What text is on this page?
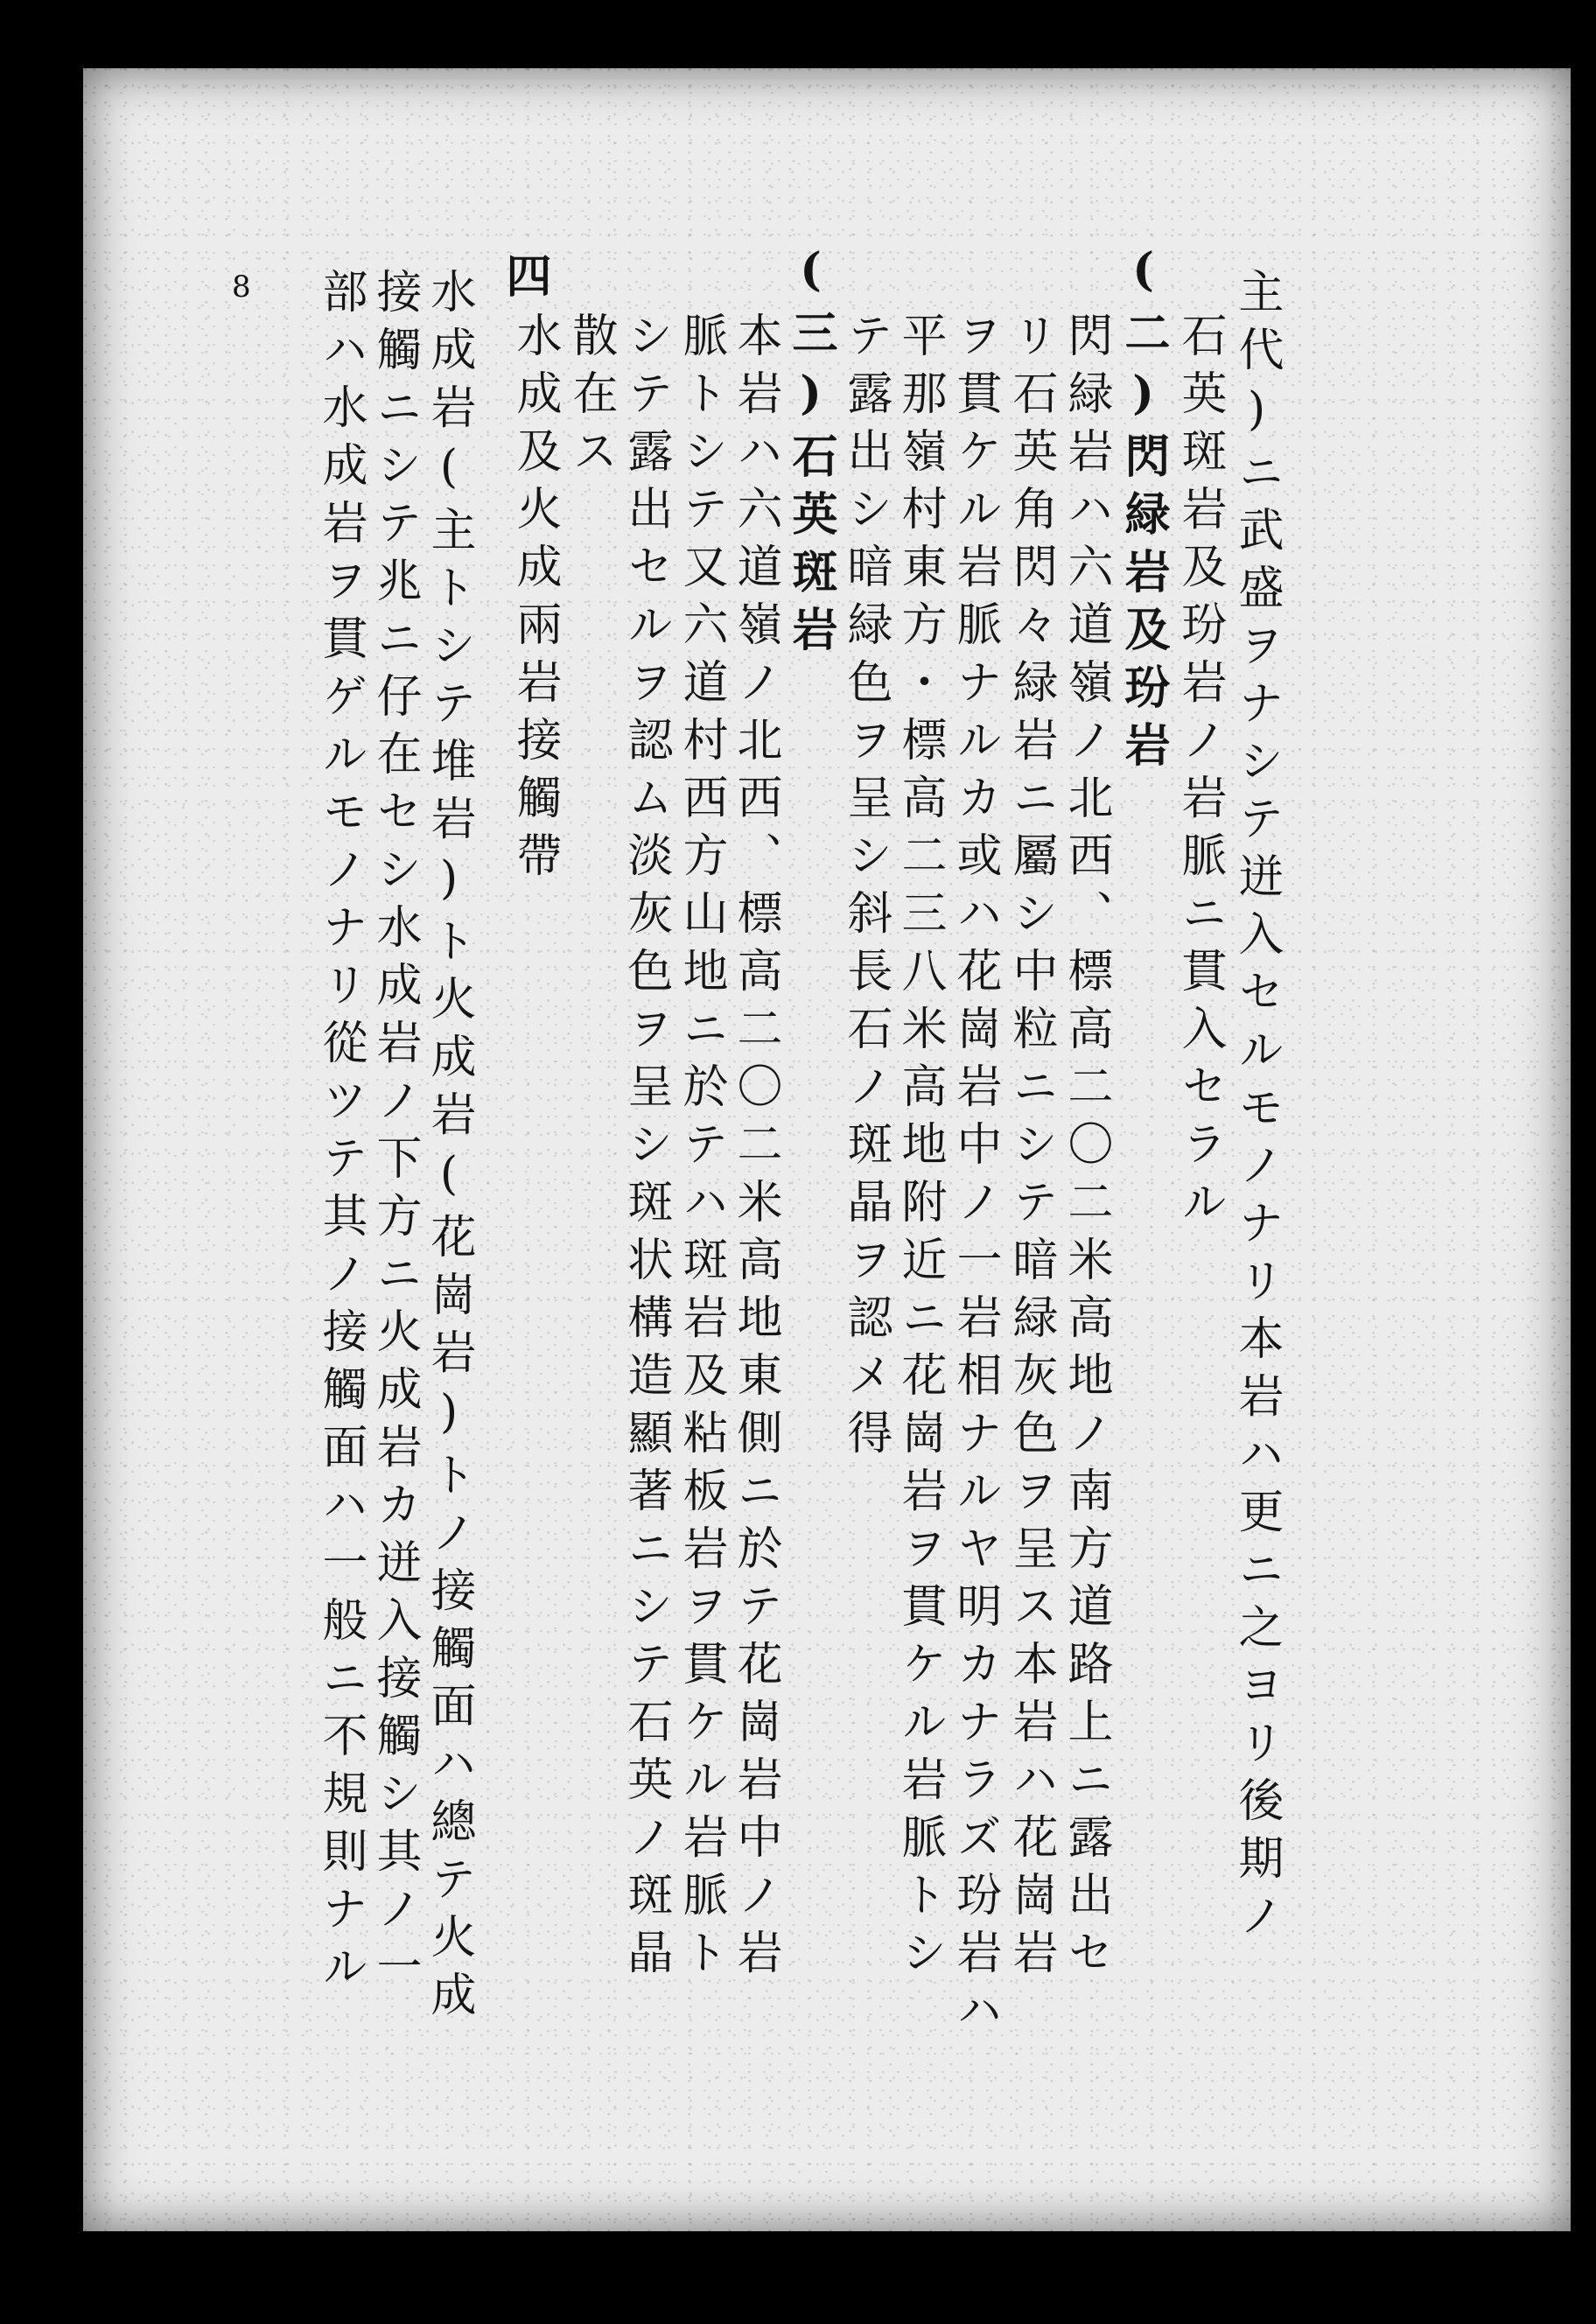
8	主代)ニ武盛ヲナシテ迸入セルモノナリ本岩ハ更ニ之ヨリ後期ノ
石英斑岩及玢岩ノ岩脈ニ貫入セラル
(二)閃緑岩及玢岩
閃緑岩ハ六道嶺ノ北西、標高二〇二米高地ノ南方道路上ニ露出セ
リ石英角閃々緑岩ニ屬シ中粒ニシテ暗緑灰色ヲ呈ス本岩ハ花崗岩
ヲ貫ケル岩脈ナルカ或ハ花崗岩中ノ一岩相ナルヤ明カナラズ玢岩ハ
平那嶺村東方・標高二三八米高地附近ニ花崗岩ヲ貫ケル岩脈トシ
テ露出シ暗緑色ヲ呈シ斜長石ノ斑晶ヲ認メ得
(三)石英斑岩
本岩ハ六道嶺ノ北西、標高二〇二米高地東側ニ於テ花崗岩中ノ岩
脈トシテ又六道村西方山地ニ於テハ斑岩及粘板岩ヲ貫ケル岩脈ト
シテ露出セルヲ認ム淡灰色ヲ呈シ斑状構造顯著ニシテ石英ノ斑晶
散在ス
水成及火成兩岩接觸帶
四
水成岩(主トシテ堆岩)ト火成岩(花崗岩)トノ接觸面ハ總テ火成
接觸ニシテ兆ニ仔在セシ水成岩ノ下方ニ火成岩カ迸入接觸シ其ノ一
部ハ水成岩ヲ貫ゲルモノナリ從ツテ其ノ接觸面ハ一般ニ不規則ナル
